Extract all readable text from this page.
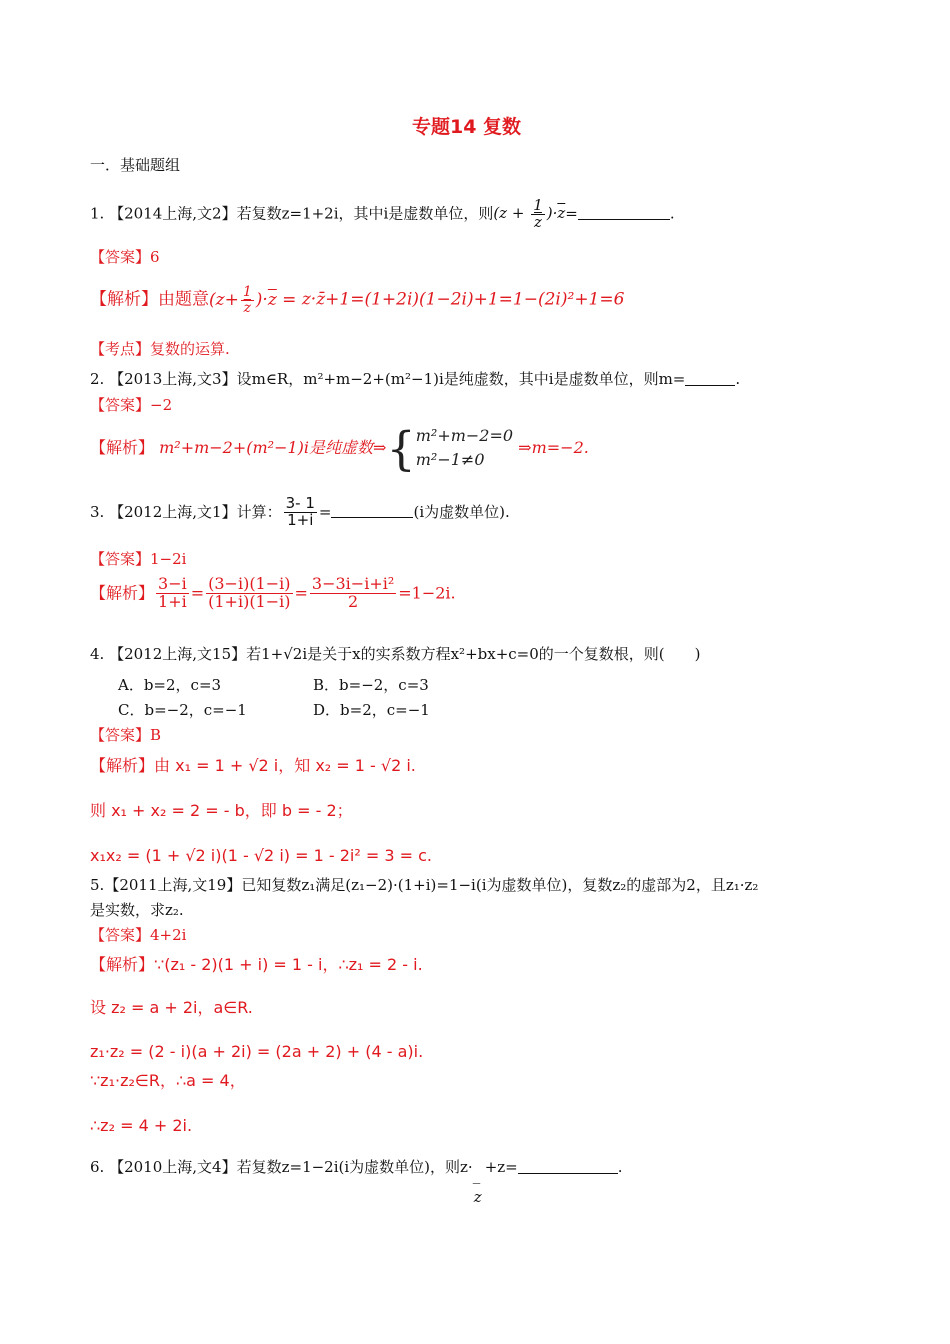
专题14 复数
一．基础题组
1. 【2014上海,文2】若复数z=1+2i，其中i是虚数单位，则$(z + \frac{1}{z} )\cdot\overline{z}=$	.
【答案】6
【解析】由题意$(z+ \frac{1}{z} )\cdot\overline{z}$ = z·z̄+1=(1+2i)(1−2i)+1=1−(2i)²+1=6
【考点】复数的运算.
2. 【2013上海,文3】设m∈R，m²+m−2+(m²−1)i是纯虚数，其中i是虚数单位，则m=	.
【答案】−2
【解析】 m²+m−2+(m²−1)i是纯虚数⇒{ m²+m−2=0
m²−1≠0
⇒m=−2.
3. 【2012上海,文1】计算： $\frac{3- 1}{1+i}$ =	(i为虚数单位).
【答案】1−2i
【解析】 $\frac{3-i}{1+i} = \frac{(3-i)(1-i)}{(1+i)(1-i)} = \frac{\text{3−3i−i+i²}}{2} =1-2i$.
4. 【2012上海,文15】若1+√2i是关于x的实系数方程x²+bx+c=0的一个复数根，则(　　)
A．b=2，c=3	B．b=−2，c=3
C．b=−2，c=−1	D．b=2，c=−1
【答案】B
【解析】由 x₁ = 1 + √2 i，知 x₂ = 1 - √2 i.
则 x₁ + x₂ = 2 = - b，即 b = - 2；
x₁x₂ = (1 + √2 i)(1 - √2 i) = 1 - 2i² = 3 = c.
5.【2011上海,文19】已知复数z₁满足(z₁−2)·(1+i)=1−i(i为虚数单位)，复数z₂的虚部为2，且z₁·z₂
是实数，求z₂.
【答案】4+2i
【解析】∵(z₁ - 2)(1 + i) = 1 - i，∴z₁ = 2 - i.
设 z₂ = a + 2i，a∈R.
z₁·z₂ = (2 - i)(a + 2i) = (2a + 2) + (4 - a)i.
∵z₁·z₂∈R，∴a = 4，
∴z₂ = 4 + 2i.
6. 【2010上海,文4】若复数z=1−2i(i为虚数单位)，则z· _
z
+z=	.
